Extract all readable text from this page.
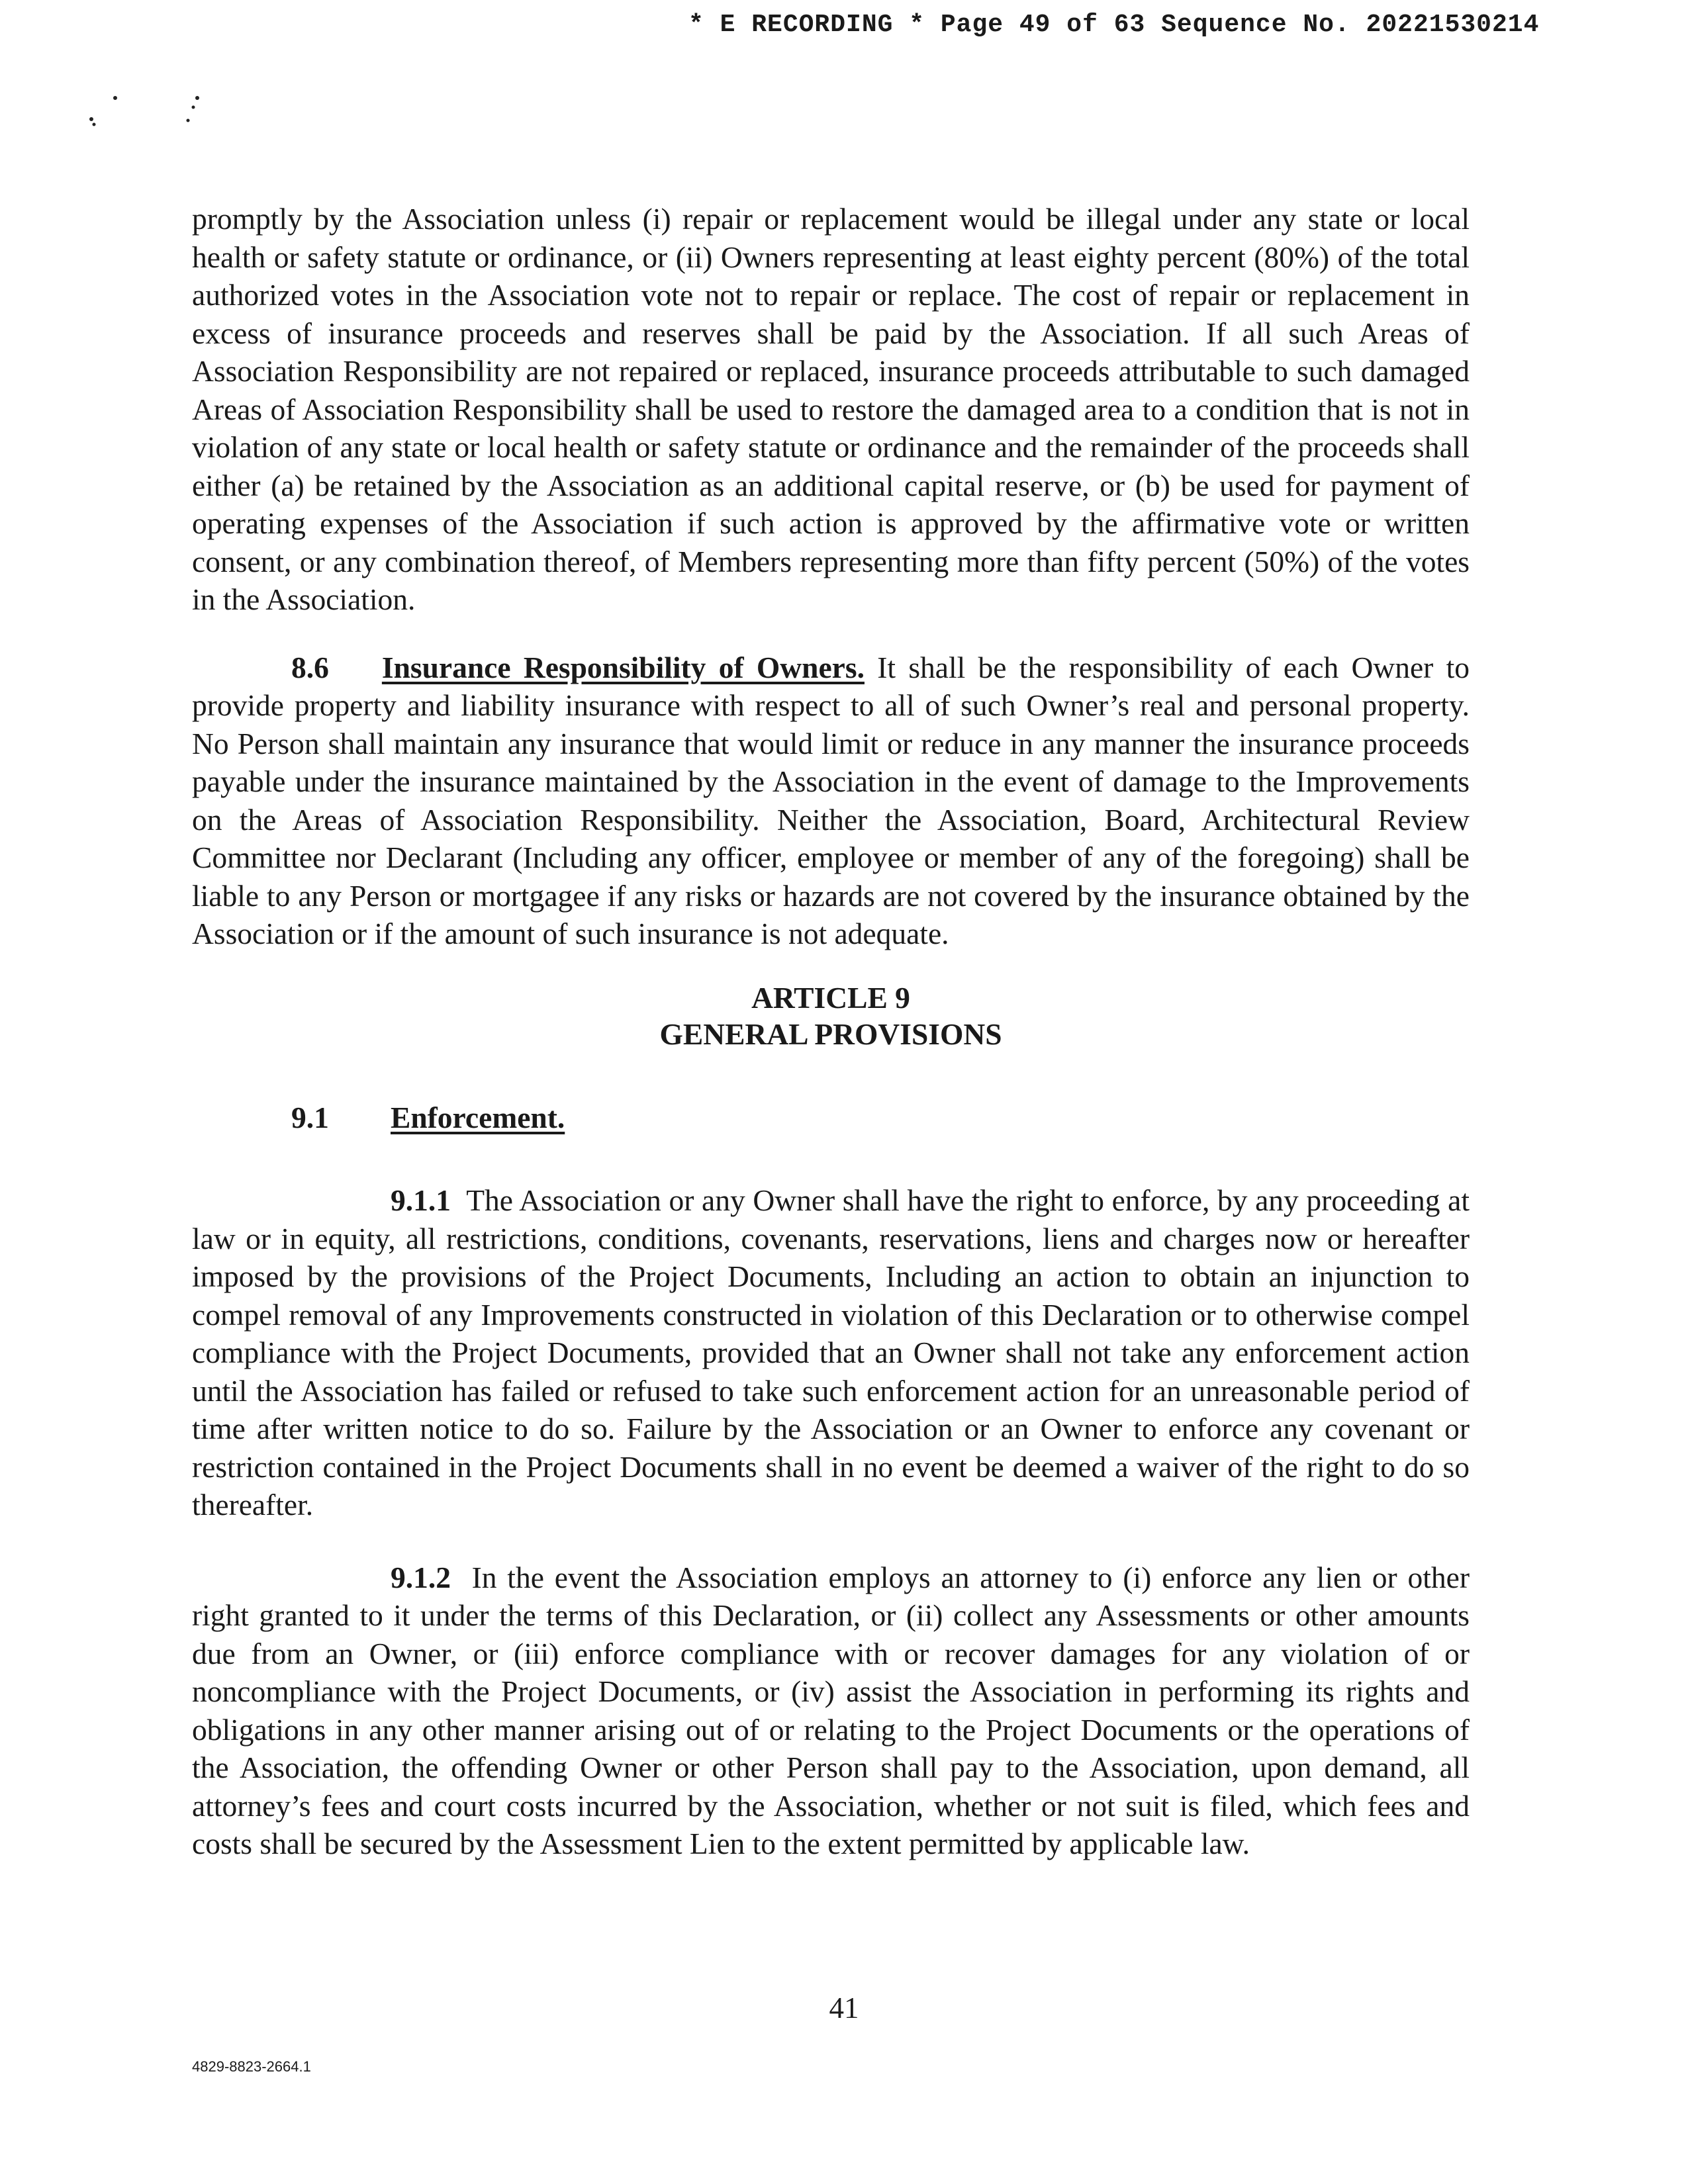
* E RECORDING * Page 49 of 63 Sequence No. 20221530214

promptly by the Association unless (i) repair or replacement would be illegal under any state or local health or safety statute or ordinance, or (ii) Owners representing at least eighty percent (80%) of the total authorized votes in the Association vote not to repair or replace. The cost of repair or replacement in excess of insurance proceeds and reserves shall be paid by the Association. If all such Areas of Association Responsibility are not repaired or replaced, insurance proceeds attributable to such damaged Areas of Association Responsibility shall be used to restore the damaged area to a condition that is not in violation of any state or local health or safety statute or ordinance and the remainder of the proceeds shall either (a) be retained by the Association as an additional capital reserve, or (b) be used for payment of operating expenses of the Association if such action is approved by the affirmative vote or written consent, or any combination thereof, of Members representing more than fifty percent (50%) of the votes in the Association.

8.6 Insurance Responsibility of Owners. It shall be the responsibility of each Owner to provide property and liability insurance with respect to all of such Owner’s real and personal property. No Person shall maintain any insurance that would limit or reduce in any manner the insurance proceeds payable under the insurance maintained by the Association in the event of damage to the Improvements on the Areas of Association Responsibility. Neither the Association, Board, Architectural Review Committee nor Declarant (Including any officer, employee or member of any of the foregoing) shall be liable to any Person or mortgagee if any risks or hazards are not covered by the insurance obtained by the Association or if the amount of such insurance is not adequate.

ARTICLE 9
GENERAL PROVISIONS

9.1 Enforcement.

9.1.1 The Association or any Owner shall have the right to enforce, by any proceeding at law or in equity, all restrictions, conditions, covenants, reservations, liens and charges now or hereafter imposed by the provisions of the Project Documents, Including an action to obtain an injunction to compel removal of any Improvements constructed in violation of this Declaration or to otherwise compel compliance with the Project Documents, provided that an Owner shall not take any enforcement action until the Association has failed or refused to take such enforcement action for an unreasonable period of time after written notice to do so. Failure by the Association or an Owner to enforce any covenant or restriction contained in the Project Documents shall in no event be deemed a waiver of the right to do so thereafter.

9.1.2 In the event the Association employs an attorney to (i) enforce any lien or other right granted to it under the terms of this Declaration, or (ii) collect any Assessments or other amounts due from an Owner, or (iii) enforce compliance with or recover damages for any violation of or noncompliance with the Project Documents, or (iv) assist the Association in performing its rights and obligations in any other manner arising out of or relating to the Project Documents or the operations of the Association, the offending Owner or other Person shall pay to the Association, upon demand, all attorney’s fees and court costs incurred by the Association, whether or not suit is filed, which fees and costs shall be secured by the Assessment Lien to the extent permitted by applicable law.

41
4829-8823-2664.1
